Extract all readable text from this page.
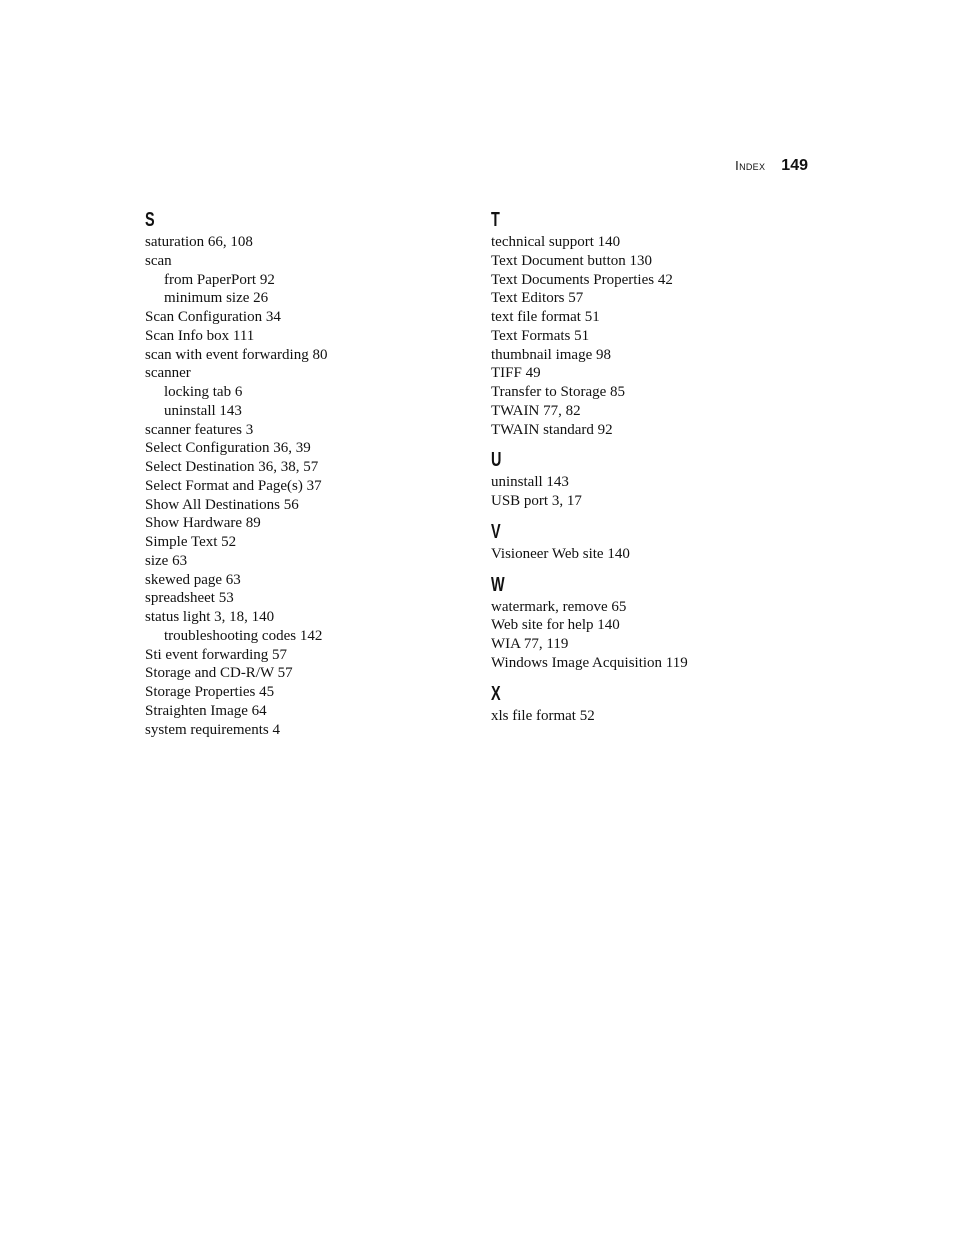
Index 149
S
saturation 66, 108
scan
from PaperPort 92
minimum size 26
Scan Configuration 34
Scan Info box 111
scan with event forwarding 80
scanner
locking tab 6
uninstall 143
scanner features 3
Select Configuration 36, 39
Select Destination 36, 38, 57
Select Format and Page(s) 37
Show All Destinations 56
Show Hardware 89
Simple Text 52
size 63
skewed page 63
spreadsheet 53
status light 3, 18, 140
troubleshooting codes 142
Sti event forwarding 57
Storage and CD-R/W 57
Storage Properties 45
Straighten Image 64
system requirements 4
T
technical support 140
Text Document button 130
Text Documents Properties 42
Text Editors 57
text file format 51
Text Formats 51
thumbnail image 98
TIFF 49
Transfer to Storage 85
TWAIN 77, 82
TWAIN standard 92
U
uninstall 143
USB port 3, 17
V
Visioneer Web site 140
W
watermark, remove 65
Web site for help 140
WIA 77, 119
Windows Image Acquisition 119
X
xls file format 52
